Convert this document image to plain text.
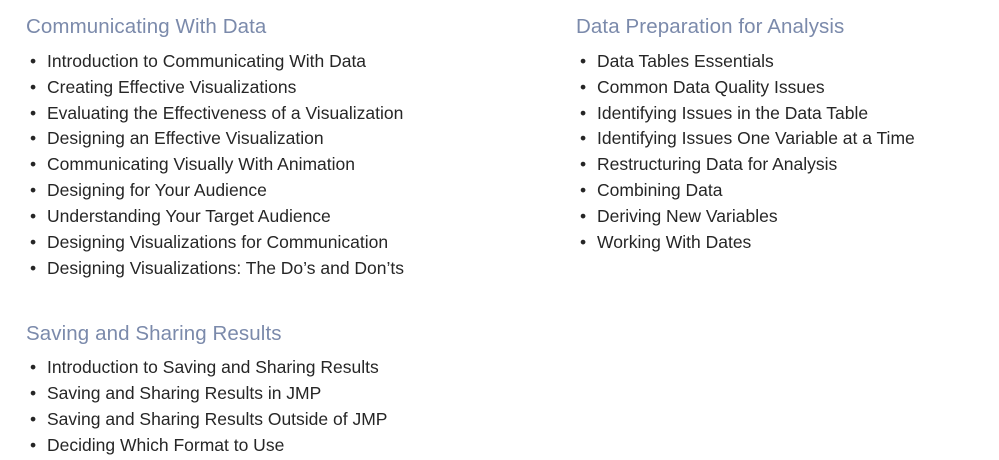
Communicating With Data
• Introduction to Communicating With Data
• Creating Effective Visualizations
• Evaluating the Effectiveness of a Visualization
• Designing an Effective Visualization
• Communicating Visually With Animation
• Designing for Your Audience
• Understanding Your Target Audience
• Designing Visualizations for Communication
• Designing Visualizations: The Do’s and Don’ts
Saving and Sharing Results
• Introduction to Saving and Sharing Results
• Saving and Sharing Results in JMP
• Saving and Sharing Results Outside of JMP
• Deciding Which Format to Use
Data Preparation for Analysis
• Data Tables Essentials
• Common Data Quality Issues
• Identifying Issues in the Data Table
• Identifying Issues One Variable at a Time
• Restructuring Data for Analysis
• Combining Data
• Deriving New Variables
• Working With Dates
